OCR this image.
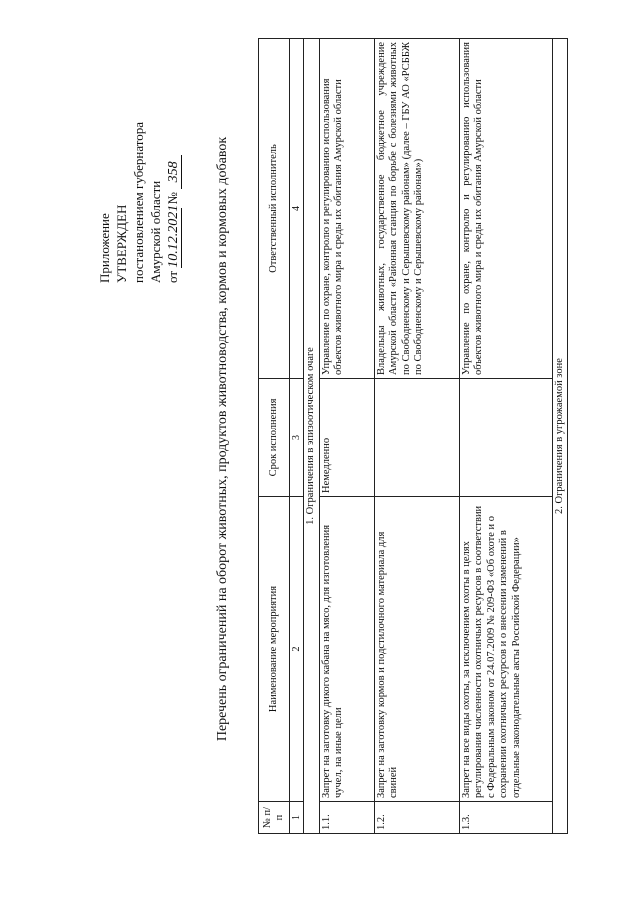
Приложение УТВЕРЖДЕН постановлением губернатора Амурской области от 10.12.2021 № 358 Перечень ограничений на оборот животных, продуктов животноводства, кормов и кормовых добавок
№ п/п	Наименование мероприятия	Срок исполнения	Ответственный исполнитель
1	2	3	4
1. Ограничения в эпизоотическом очаге			
1.1.	Запрет на заготовку дикого кабана на мясо, для изготовления чучел, на иные цели	Немедленно	Управление по охране, контролю и регулированию использования объектов животного мира и среды их обитания Амурской области
1.2.	Запрет на заготовку кормов и подстилочного материала для свиней		Владельцы животных, государственное бюджетное учреждение Амурской области «Районная станция по борьбе с болезнями животных по Свободненскому и Серышевскому районам» (далее – ГБУ АО «РСББЖ по Свободненскому и Серышевскому районам»)
1.3.	Запрет на все виды охоты, за исключением охоты в целях регулирования численности охотничьих ресурсов в соответствии с Федеральным законом от 24.07.2009 № 209-ФЗ «Об охоте и о сохранении охотничьих ресурсов и о внесении изменений в отдельные законодательные акты Российской Федерации»		Управление по охране, контролю и регулированию использования объектов животного мира и среды их обитания Амурской области
2. Ограничения в угрожаемой зоне			
